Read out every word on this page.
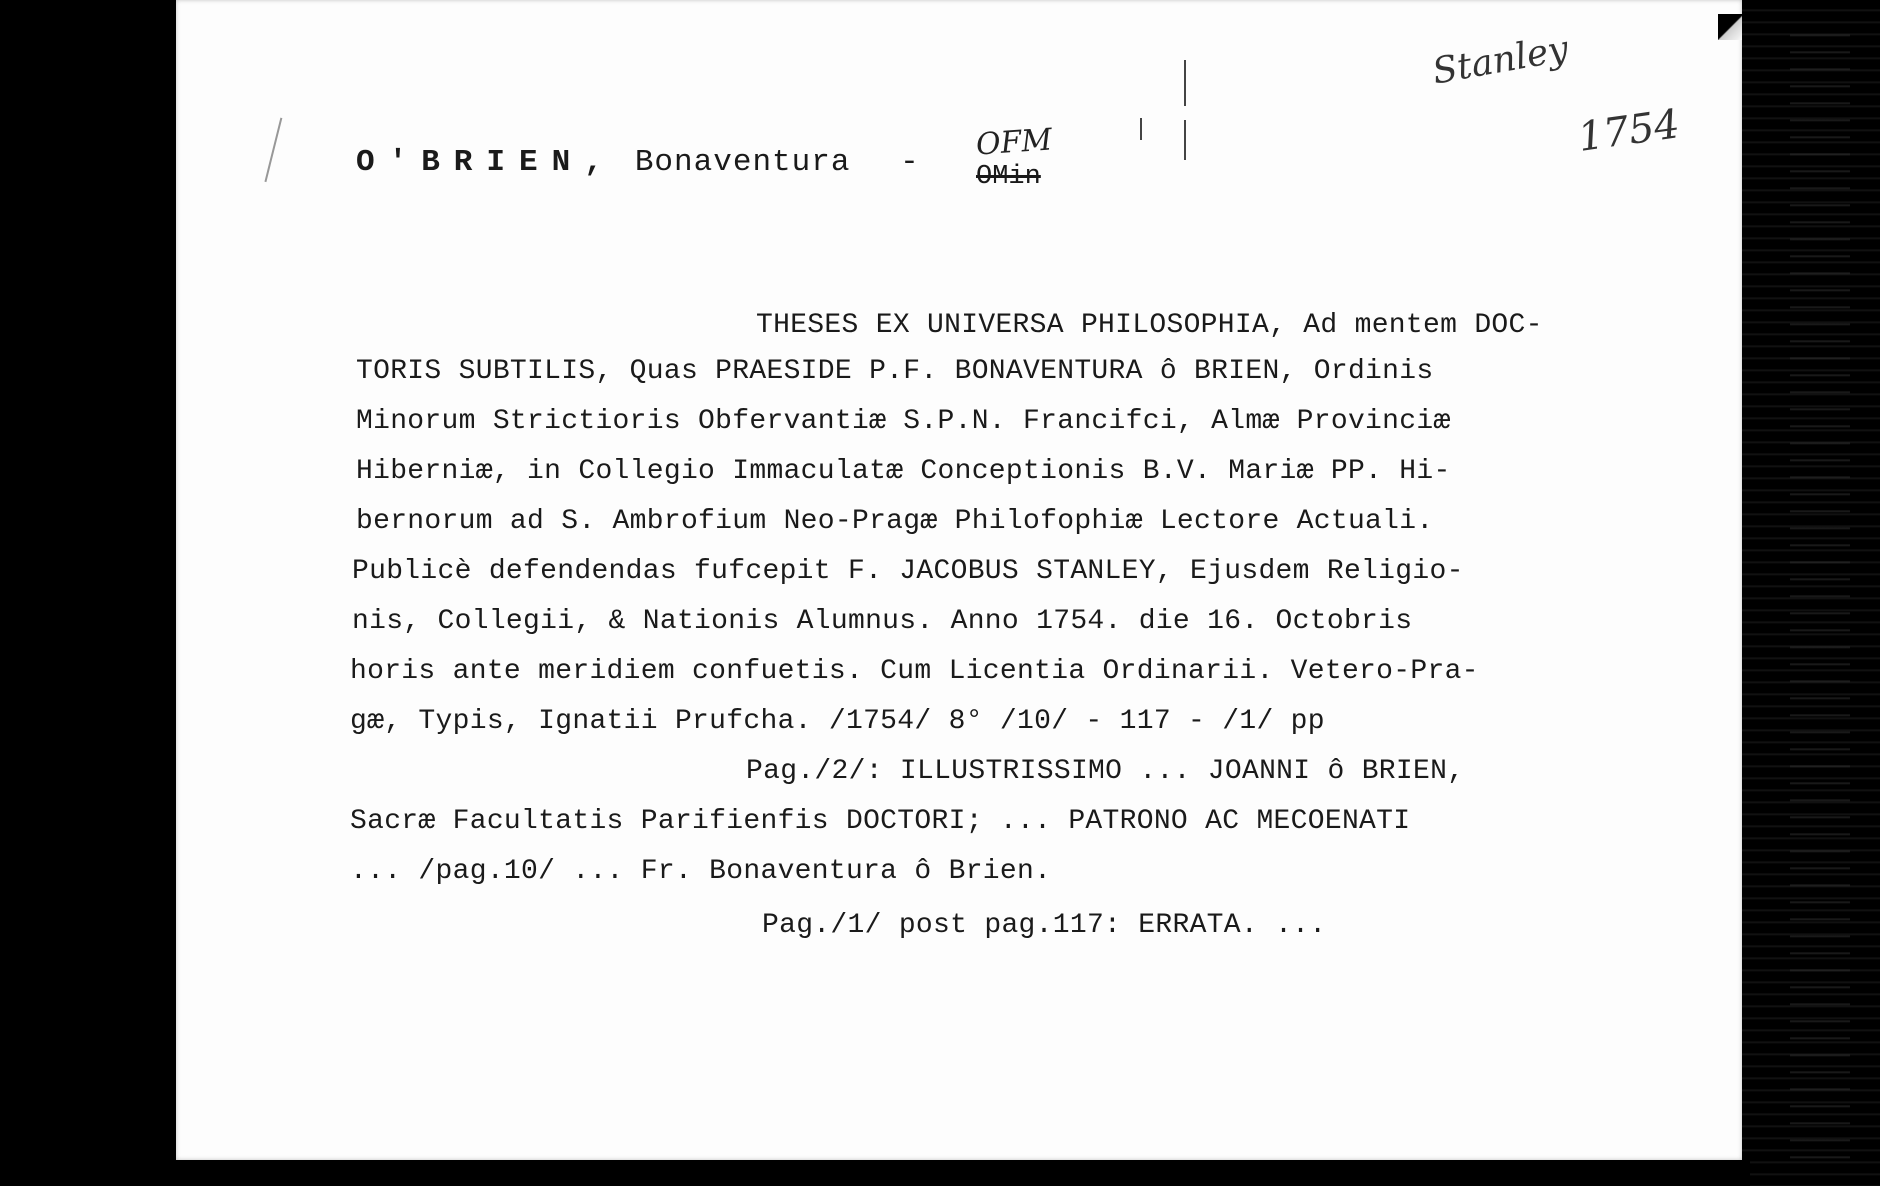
O'BRIEN, Bonaventura - OMin
OFM
Stanley
1754
THESES EX UNIVERSA PHILOSOPHIA, Ad mentem DOC-
TORIS SUBTILIS, Quas PRAESIDE P.F. BONAVENTURA ô BRIEN, Ordinis
Minorum Strictioris Obfervantiæ S.P.N. Francifci, Almæ Provinciæ
Hiberniæ, in Collegio Immaculatæ Conceptionis B.V. Mariæ PP. Hi-
bernorum ad S. Ambrofium Neo-Pragæ Philofophiæ Lectore Actuali.
Publicè defendendas fufcepit F. JACOBUS STANLEY, Ejusdem Religio-
nis, Collegii, & Nationis Alumnus. Anno 1754. die 16. Octobris
horis ante meridiem confuetis. Cum Licentia Ordinarii. Vetero-Pra-
gæ, Typis, Ignatii Prufcha. /1754/ 8° /10/ - 117 - /1/ pp
Pag./2/: ILLUSTRISSIMO ... JOANNI ô BRIEN,
Sacræ Facultatis Parifienfis DOCTORI; ... PATRONO AC MECOENATI
... /pag.10/ ... Fr. Bonaventura ô Brien.
Pag./1/ post pag.117: ERRATA. ...
